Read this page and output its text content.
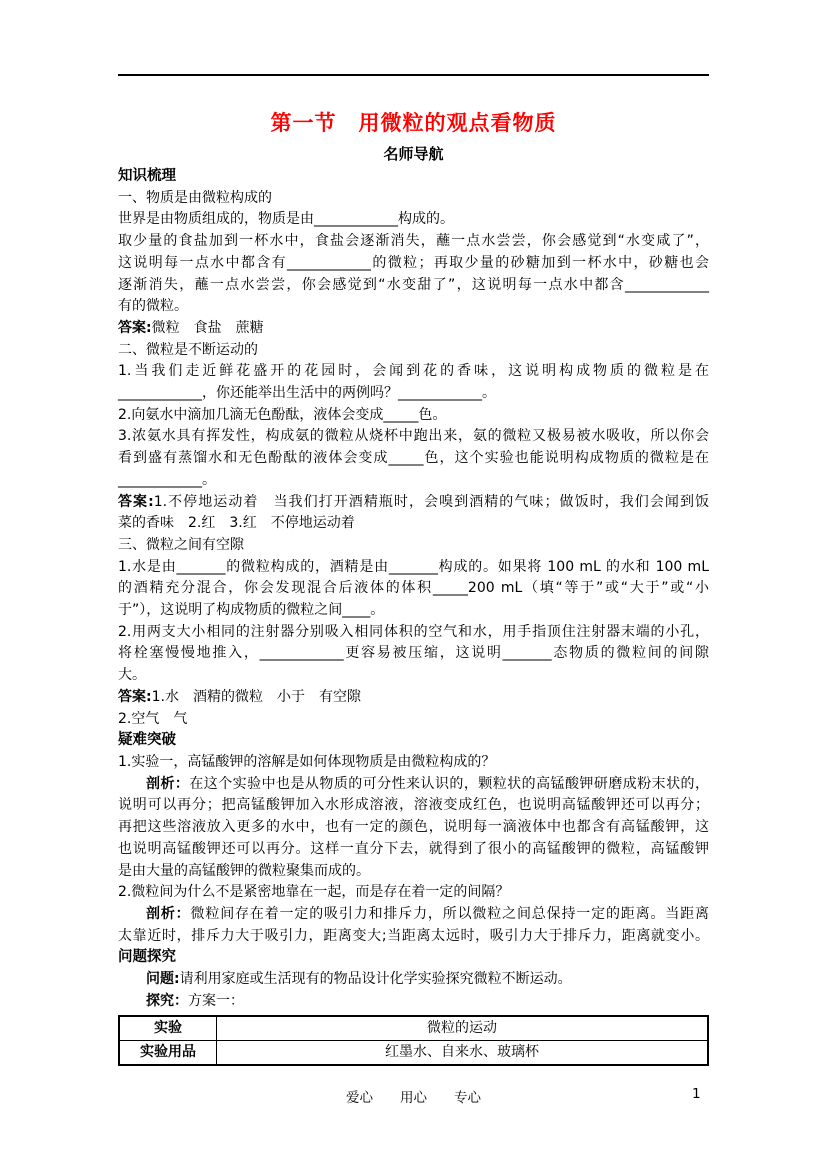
第一节　用微粒的观点看物质
名师导航
知识梳理
一、物质是由微粒构成的
世界是由物质组成的，物质是由____________构成的。
取少量的食盐加到一杯水中，食盐会逐渐消失，蘸一点水尝尝，你会感觉到“水变咸了”，
这说明每一点水中都含有____________的微粒；再取少量的砂糖加到一杯水中，砂糖也会
逐渐消失，蘸一点水尝尝，你会感觉到“水变甜了”，这说明每一点水中都含____________
有的微粒。
答案:微粒　食盐　蔗糖
二、微粒是不断运动的
1.当我们走近鲜花盛开的花园时，会闻到花的香味，这说明构成物质的微粒是在
____________，你还能举出生活中的两例吗？____________。
2.向氨水中滴加几滴无色酚酞，液体会变成_____色。
3.浓氨水具有挥发性，构成氨的微粒从烧杯中跑出来，氨的微粒又极易被水吸收，所以你会
看到盛有蒸馏水和无色酚酞的液体会变成_____色，这个实验也能说明构成物质的微粒是在
____________。
答案:1.不停地运动着　当我们打开酒精瓶时，会嗅到酒精的气味；做饭时，我们会闻到饭
菜的香味　2.红　3.红　不停地运动着
三、微粒之间有空隙
1.水是由_______的微粒构成的，酒精是由_______构成的。如果将 100 mL 的水和 100 mL
的酒精充分混合，你会发现混合后液体的体积_____200 mL（填“等于”或“大于”或“小
于”），这说明了构成物质的微粒之间____。
2.用两支大小相同的注射器分别吸入相同体积的空气和水，用手指顶住注射器末端的小孔，
将栓塞慢慢地推入，____________更容易被压缩，这说明_______态物质的微粒间的间隙
大。
答案:1.水　酒精的微粒　小于　有空隙
2.空气　气
疑难突破
1.实验一，高锰酸钾的溶解是如何体现物质是由微粒构成的？
剖析：在这个实验中也是从物质的可分性来认识的，颗粒状的高锰酸钾研磨成粉末状的，
说明可以再分；把高锰酸钾加入水形成溶液，溶液变成红色，也说明高锰酸钾还可以再分；
再把这些溶液放入更多的水中，也有一定的颜色，说明每一滴液体中也都含有高锰酸钾，这
也说明高锰酸钾还可以再分。这样一直分下去，就得到了很小的高锰酸钾的微粒，高锰酸钾
是由大量的高锰酸钾的微粒聚集而成的。
2.微粒间为什么不是紧密地靠在一起，而是存在着一定的间隔？
剖析：微粒间存在着一定的吸引力和排斥力，所以微粒之间总保持一定的距离。当距离
太靠近时，排斥力大于吸引力，距离变大;当距离太远时，吸引力大于排斥力，距离就变小。
问题探究
问题:请利用家庭或生活现有的物品设计化学实验探究微粒不断运动。
探究：方案一：
实验	微粒的运动
实验用品	红墨水、自来水、玻璃杯
爱心　　用心　　专心	1
